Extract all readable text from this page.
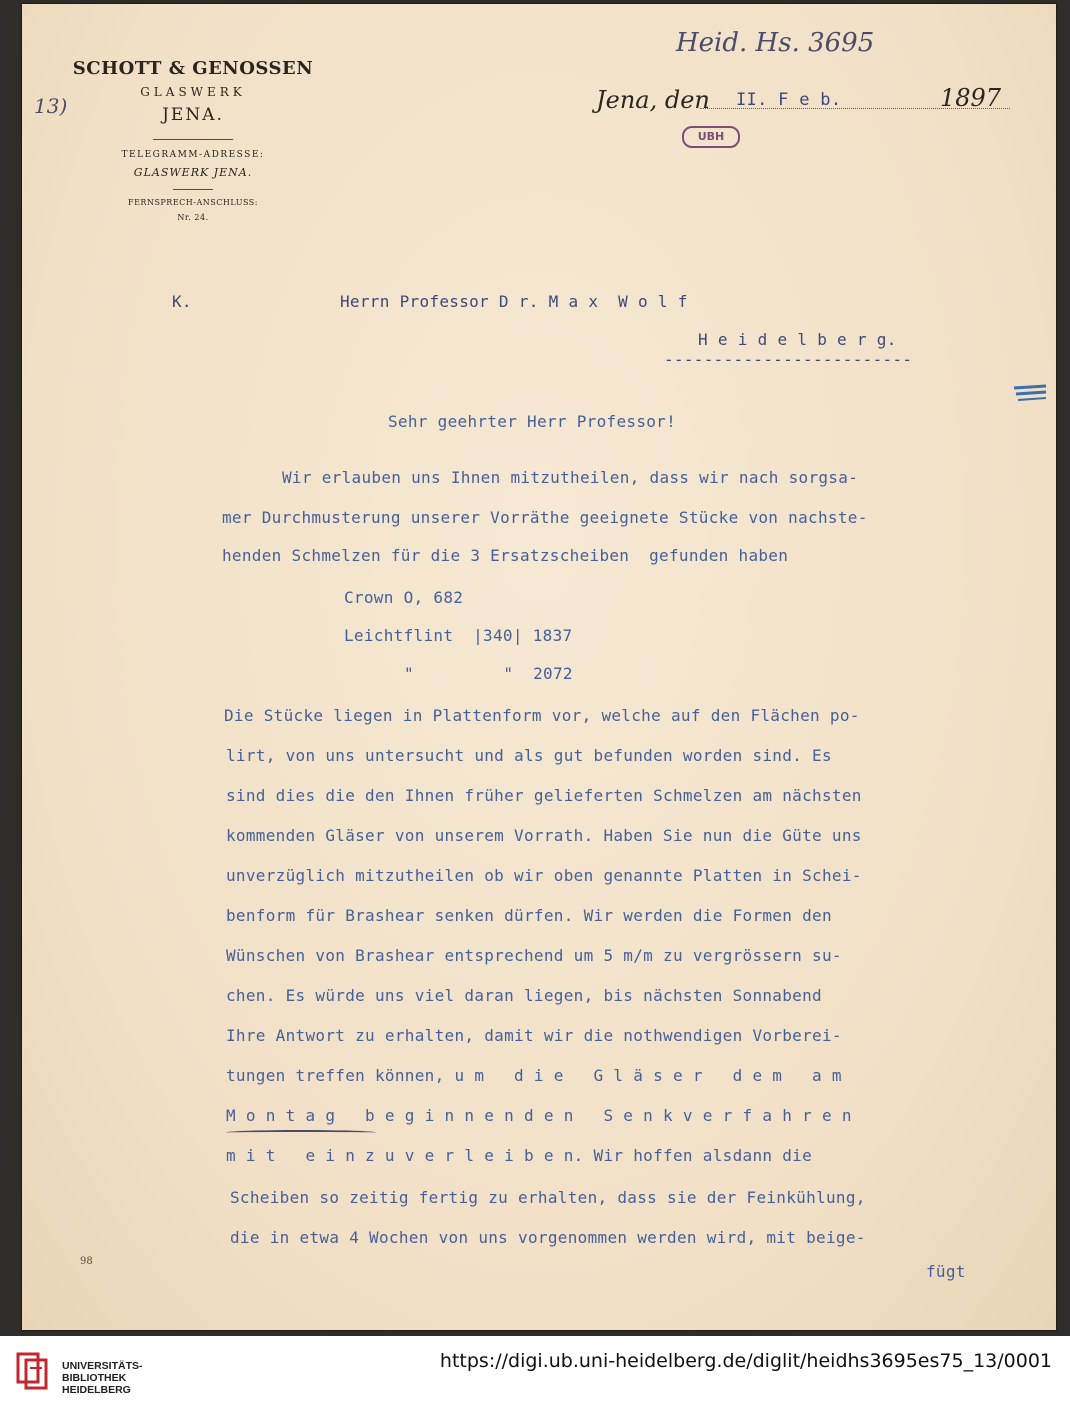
SCHOTT & GENOSSEN
GLASWERK
JENA.
TELEGRAMM-ADRESSE:
GLASWERK JENA.
FERNSPRECH-ANSCHLUSS:
Nr. 24.
Heid. Hs. 3695
13)	Jena, den II. F e b.	1897
UBH
K.	Herrn Professor D r. M a x  W o l f
H e i d e l b e r g.
-------------------------
Sehr geehrter Herr Professor!
Wir erlauben uns Ihnen mitzutheilen, dass wir nach sorgsa-
mer Durchmusterung unserer Vorräthe geeignete Stücke von nachste-
henden Schmelzen für die 3 Ersatzscheiben  gefunden haben
Crown O, 682
Leichtflint  |340| 1837
"         "  2072
Die Stücke liegen in Plattenform vor, welche auf den Flächen po-
lirt, von uns untersucht und als gut befunden worden sind. Es
sind dies die den Ihnen früher gelieferten Schmelzen am nächsten
kommenden Gläser von unserem Vorrath. Haben Sie nun die Güte uns
unverzüglich mitzutheilen ob wir oben genannte Platten in Schei-
benform für Brashear senken dürfen. Wir werden die Formen den
Wünschen von Brashear entsprechend um 5 m/m zu vergrössern su-
chen. Es würde uns viel daran liegen, bis nächsten Sonnabend
Ihre Antwort zu erhalten, damit wir die nothwendigen Vorberei-
tungen treffen können, u m   d i e   G l ä s e r   d e m   a m
M o n t a g   b e g i n n e n d e n   S e n k v e r f a h r e n
m i t   e i n z u v e r l e i b e n. Wir hoffen alsdann die
Scheiben so zeitig fertig zu erhalten, dass sie der Feinkühlung,
die in etwa 4 Wochen von uns vorgenommen werden wird, mit beige-
fügt
98
UNIVERSITÄTS-
BIBLIOTHEK
HEIDELBERG
https://digi.ub.uni-heidelberg.de/diglit/heidhs3695es75_13/0001
